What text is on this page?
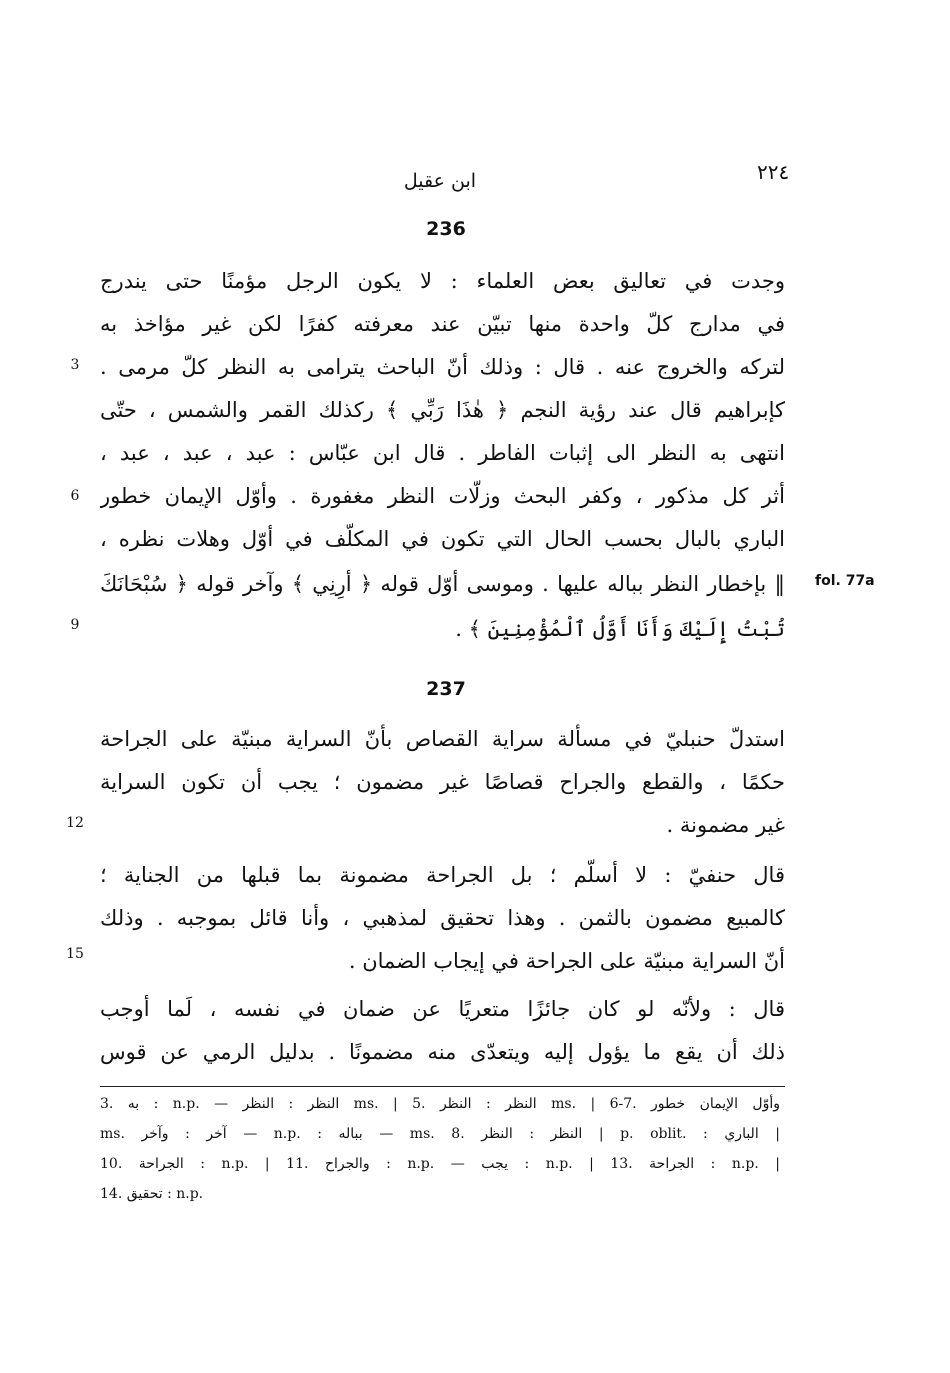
٢٢٤
ابن عقيل
236
وجدت في تعاليق بعض العلماء : لا يكون الرجل مؤمنًا حتى يندرج
في مدارج كلّ واحدة منها تبيّن عند معرفته كفرًا لكن غير مؤاخذ به
لتركه والخروج عنه . قال : وذلك أنّ الباحث يترامى به النظر كلّ مرمى .
كإبراهيم قال عند رؤية النجم ﴿ هٰذَا رَبِّي ﴾ ركذلك القمر والشمس ، حتّى
انتهى به النظر الى إثبات الفاطر . قال ابن عبّاس : عبد ، عبد ، عبد ،
أثر كل مذكور ، وكفر البحث وزلّات النظر مغفورة . وأوّل الإيمان خطور
الباري بالبال بحسب الحال التي تكون في المكلّف في أوّل وهلات نظره ،
‖ بإخطار النظر بباله عليها . وموسى أوّل قوله ﴿ أرِنِي ﴾ وآخر قوله ﴿ سُبْحَانَكَ
تُبْتُ إِلَيْكَ وَأَنَا أَوَّلُ ٱلْمُؤْمِنِينَ ﴾ .
237
استدلّ حنبليّ في مسألة سراية القصاص بأنّ السراية مبنيّة على الجراحة
حكمًا ، والقطع والجراح قصاصًا غير مضمون ؛ يجب أن تكون السراية
غير مضمونة .
قال حنفيّ : لا أسلّم ؛ بل الجراحة مضمونة بما قبلها من الجناية ؛
كالمبيع مضمون بالثمن . وهذا تحقيق لمذهبي ، وأنا قائل بموجبه . وذلك
أنّ السراية مبنيّة على الجراحة في إيجاب الضمان .
قال : ولأنّه لو كان جائزًا متعريًا عن ضمان في نفسه ، لَما أوجب
ذلك أن يقع ما يؤول إليه ويتعدّى منه مضمونًا . بدليل الرمي عن قوس
3
6
9
12
15
fol. 77a
3. به : n.p. — النظر : النظر ms. | 5. النظر : النظر ms. | 6-7. وأوّل الإيمان خطور
ms. آخر : وآخر — n.p. : بباله — ms. النظر : النظر .8 | p. oblit. : الباري |
10. الجراحة : n.p. | 11. والجراح : n.p. — يجب : n.p. | 13. الجراحة : n.p. |
14. تحقيق : n.p.
